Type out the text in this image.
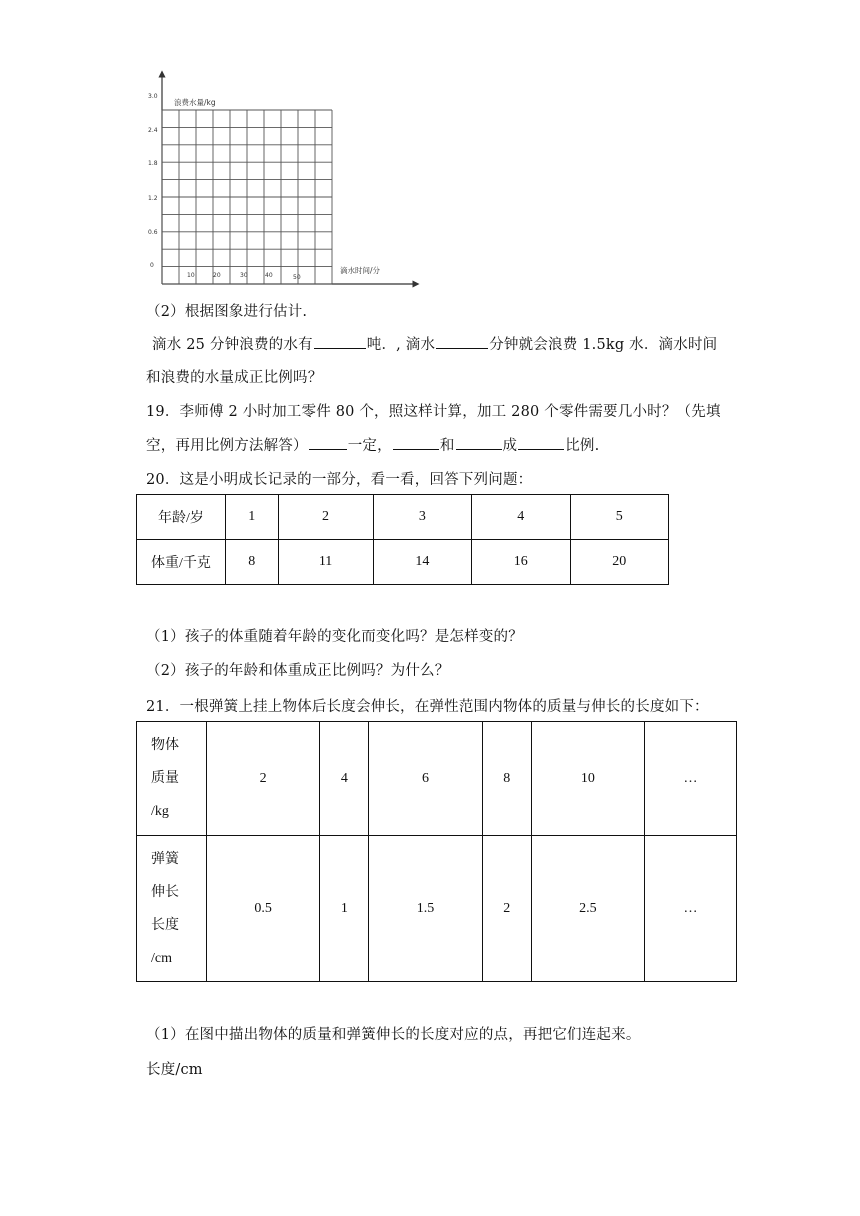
浪费水量/kg
滴水时间/分
3.0
2.4
1.8
1.2
0.6
0
10	20	30	40	50
（2）根据图象进行估计.
滴水 25 分钟浪费的水有	吨．, 滴水	分钟就会浪费 1.5kg 水．滴水时间
和浪费的水量成正比例吗？
19．李师傅 2 小时加工零件 80 个，照这样计算，加工 280 个零件需要几小时？（先填
空，再用比例方法解答）	一定，	和	成	比例.
20．这是小明成长记录的一部分，看一看，回答下列问题：
年龄/岁	1	2	3	4	5
体重/千克	8	11	14	16	20
（1）孩子的体重随着年龄的变化而变化吗？是怎样变的？
（2）孩子的年龄和体重成正比例吗？为什么？
21．一根弹簧上挂上物体后长度会伸长，在弹性范围内物体的质量与伸长的长度如下：
物体
质量
/kg	2	4	6	8	10	…

弹簧
伸长
长度
/cm	0.5	1	1.5	2	2.5	…
（1）在图中描出物体的质量和弹簧伸长的长度对应的点，再把它们连起来。
长度/cm
